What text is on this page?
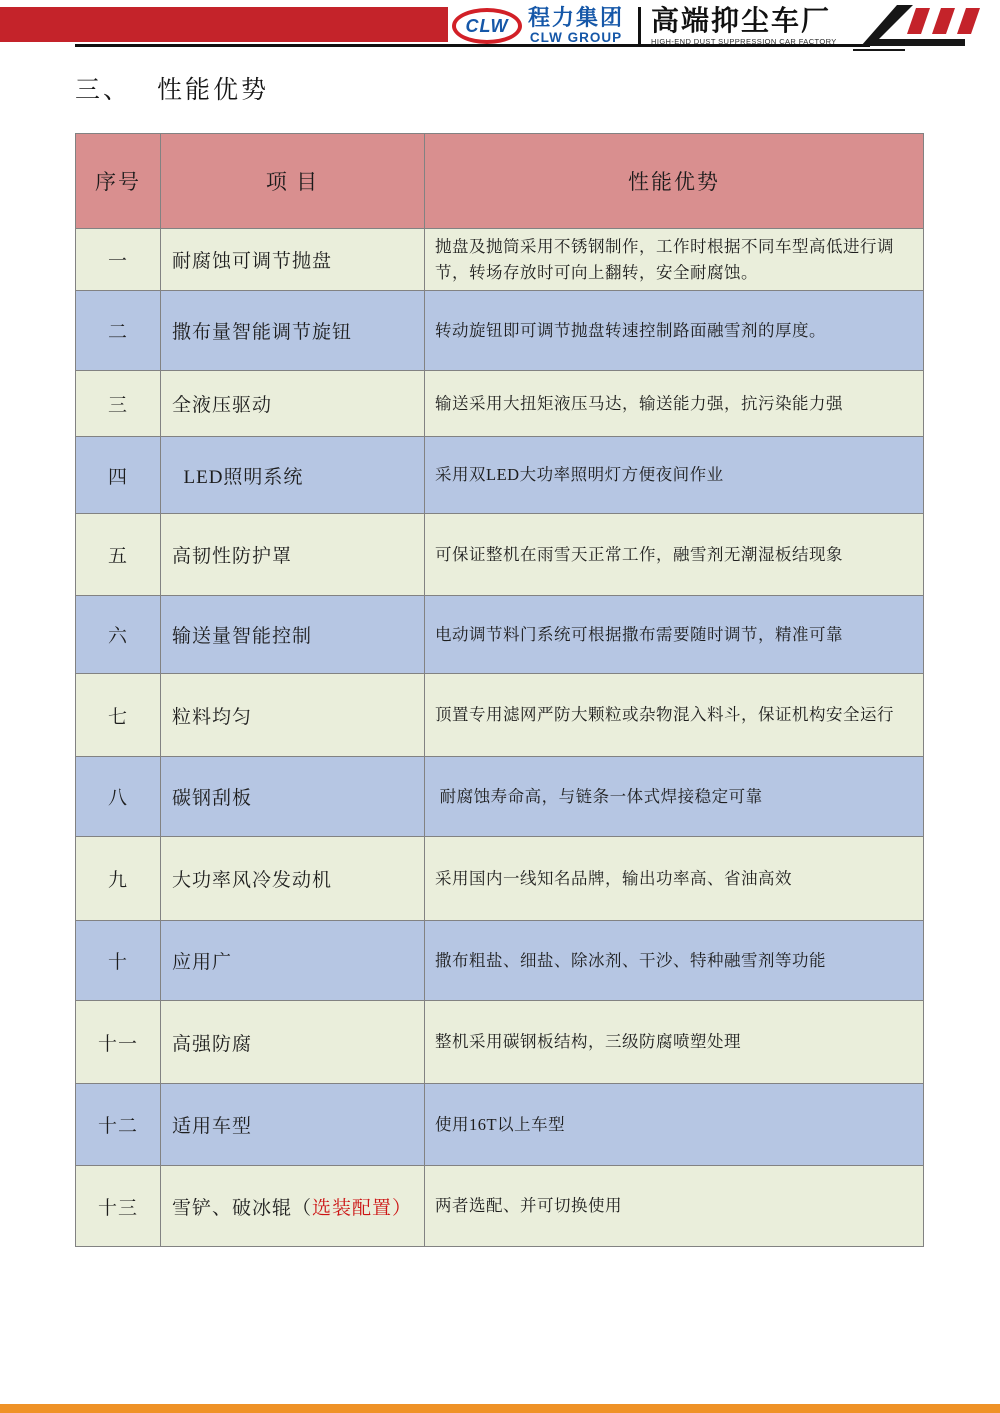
CLW 程力集团
CLW GROUP
高端抑尘车厂
HIGH-END DUST SUPPRESSION CAR FACTORY
三、 性能优势
序号	项 目	性能优势
一	耐腐蚀可调节抛盘	抛盘及抛筒采用不锈钢制作，工作时根据不同车型高低进行调节，转场存放时可向上翻转，安全耐腐蚀。
二	撒布量智能调节旋钮	转动旋钮即可调节抛盘转速控制路面融雪剂的厚度。
三	全液压驱动	输送采用大扭矩液压马达，输送能力强，抗污染能力强
四	LED照明系统	采用双LED大功率照明灯方便夜间作业
五	高韧性防护罩	可保证整机在雨雪天正常工作，融雪剂无潮湿板结现象
六	输送量智能控制	电动调节料门系统可根据撒布需要随时调节，精准可靠
七	粒料均匀	顶置专用滤网严防大颗粒或杂物混入料斗，保证机构安全运行
八	碳钢刮板	耐腐蚀寿命高，与链条一体式焊接稳定可靠
九	大功率风冷发动机	采用国内一线知名品牌，输出功率高、省油高效
十	应用广	撒布粗盐、细盐、除冰剂、干沙、特种融雪剂等功能
十一	高强防腐	整机采用碳钢板结构，三级防腐喷塑处理
十二	适用车型	使用16T以上车型
十三	雪铲、破冰辊（选装配置）	两者选配、并可切换使用
